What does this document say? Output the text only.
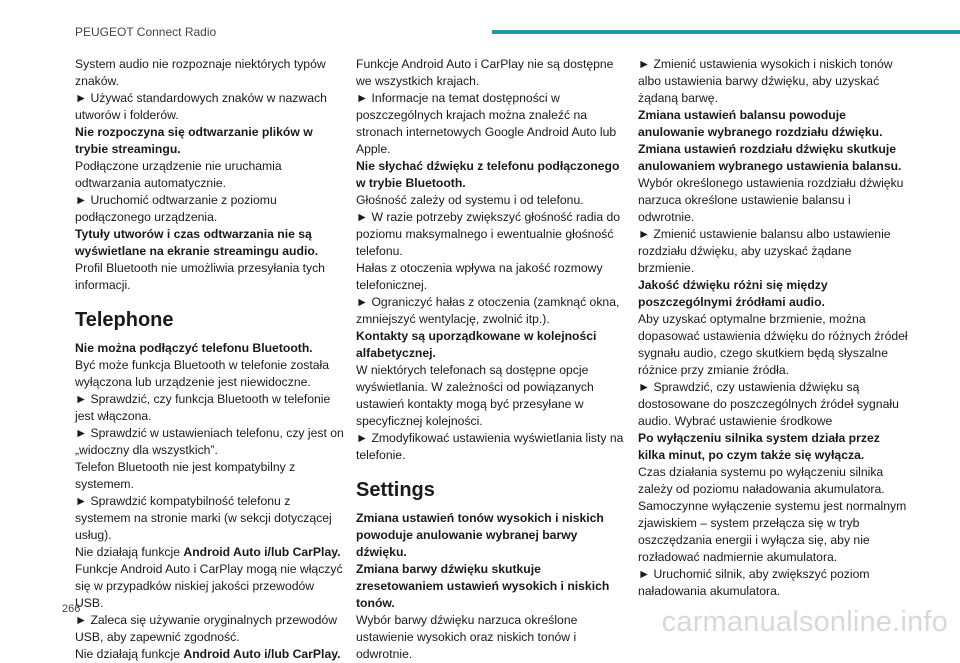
PEUGEOT Connect Radio

System audio nie rozpoznaje niektórych typów znaków.

► Używać standardowych znaków w nazwach utworów i folderów.

Nie rozpoczyna się odtwarzanie plików w trybie streamingu.

Podłączone urządzenie nie uruchamia odtwarzania automatycznie.

► Uruchomić odtwarzanie z poziomu podłączonego urządzenia.

Tytuły utworów i czas odtwarzania nie są wyświetlane na ekranie streamingu audio.

Profil Bluetooth nie umożliwia przesyłania tych informacji.

Telephone

Nie można podłączyć telefonu Bluetooth.

Być może funkcja Bluetooth w telefonie została wyłączona lub urządzenie jest niewidoczne.

► Sprawdzić, czy funkcja Bluetooth w telefonie jest włączona.

► Sprawdzić w ustawieniach telefonu, czy jest on „widoczny dla wszystkich”.

Telefon Bluetooth nie jest kompatybilny z systemem.

► Sprawdzić kompatybilność telefonu z systemem na stronie marki (w sekcji dotyczącej usług).

Nie działają funkcje Android Auto i/lub CarPlay.

Funkcje Android Auto i CarPlay mogą nie włączyć się w przypadków niskiej jakości przewodów USB.

► Zaleca się używanie oryginalnych przewodów USB, aby zapewnić zgodność.

Nie działają funkcje Android Auto i/lub CarPlay.

Funkcje Android Auto i CarPlay nie są dostępne we wszystkich krajach.

► Informacje na temat dostępności w poszczególnych krajach można znaleźć na stronach internetowych Google Android Auto lub Apple.

Nie słychać dźwięku z telefonu podłączonego w trybie Bluetooth.

Głośność zależy od systemu i od telefonu.

► W razie potrzeby zwiększyć głośność radia do poziomu maksymalnego i ewentualnie głośność telefonu.

Hałas z otoczenia wpływa na jakość rozmowy telefonicznej.

► Ograniczyć hałas z otoczenia (zamknąć okna, zmniejszyć wentylację, zwolnić itp.).

Kontakty są uporządkowane w kolejności alfabetycznej.

W niektórych telefonach są dostępne opcje wyświetlania. W zależności od powiązanych ustawień kontakty mogą być przesyłane w specyficznej kolejności.

► Zmodyfikować ustawienia wyświetlania listy na telefonie.

Settings

Zmiana ustawień tonów wysokich i niskich powoduje anulowanie wybranej barwy dźwięku.

Zmiana barwy dźwięku skutkuje zresetowaniem ustawień wysokich i niskich tonów.

Wybór barwy dźwięku narzuca określone ustawienie wysokich oraz niskich tonów i odwrotnie.

► Zmienić ustawienia wysokich i niskich tonów albo ustawienia barwy dźwięku, aby uzyskać żądaną barwę.

Zmiana ustawień balansu powoduje anulowanie wybranego rozdziału dźwięku.

Zmiana ustawień rozdziału dźwięku skutkuje anulowaniem wybranego ustawienia balansu.

Wybór określonego ustawienia rozdziału dźwięku narzuca określone ustawienie balansu i odwrotnie.

► Zmienić ustawienie balansu albo ustawienie rozdziału dźwięku, aby uzyskać żądane brzmienie.

Jakość dźwięku różni się między poszczególnymi źródłami audio.

Aby uzyskać optymalne brzmienie, można dopasować ustawienia dźwięku do różnych źródeł sygnału audio, czego skutkiem będą słyszalne różnice przy zmianie źródła.

► Sprawdzić, czy ustawienia dźwięku są dostosowane do poszczególnych źródeł sygnału audio. Wybrać ustawienie środkowe

Po wyłączeniu silnika system działa przez kilka minut, po czym także się wyłącza.

Czas działania systemu po wyłączeniu silnika zależy od poziomu naładowania akumulatora.

Samoczynne wyłączenie systemu jest normalnym zjawiskiem – system przełącza się w tryb oszczędzania energii i wyłącza się, aby nie rozładować nadmiernie akumulatora.

► Uruchomić silnik, aby zwiększyć poziom naładowania akumulatora.

266	carmanualsonline.info
